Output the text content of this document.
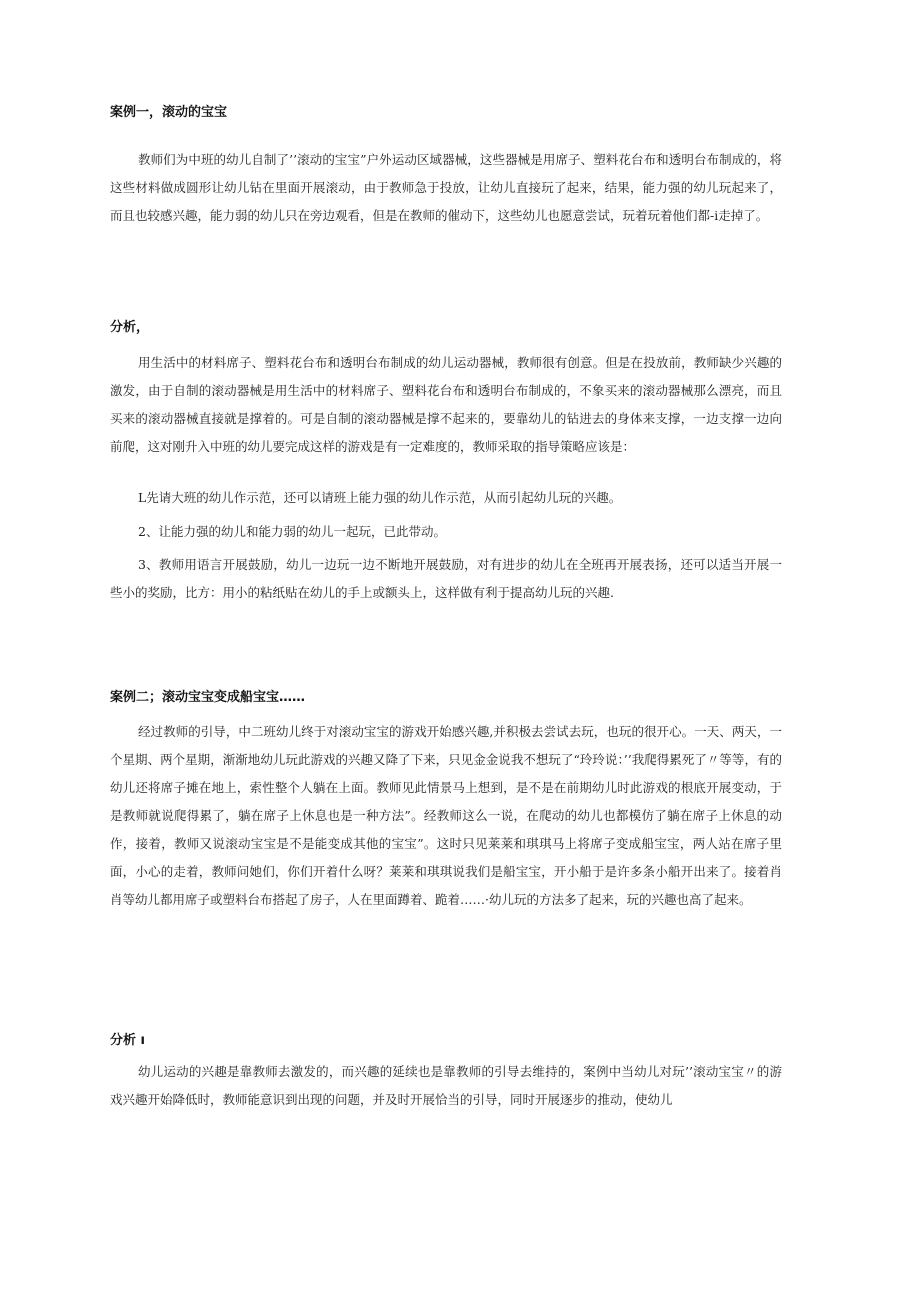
案例一，滚动的宝宝

教师们为中班的幼儿自制了’’滚动的宝宝”户外运动区域器械，这些器械是用席子、塑料花台布和透明台布制成的，将这些材料做成圆形让幼儿钻在里面开展滚动，由于教师急于投放，让幼儿直接玩了起来，结果，能力强的幼儿玩起来了，而且也较感兴趣，能力弱的幼儿只在旁边观看，但是在教师的催动下，这些幼儿也愿意尝试，玩着玩着他们都-i走掉了。

分析，

用生活中的材料席子、塑料花台布和透明台布制成的幼儿运动器械，教师很有创意。但是在投放前，教师缺少兴趣的激发，由于自制的滚动器械是用生活中的材料席子、塑料花台布和透明台布制成的，不象买来的滚动器械那么漂亮，而且买来的滚动器械直接就是撑着的。可是自制的滚动器械是撑不起来的，要靠幼儿的钻进去的身体来支撑，一边支撑一边向前爬，这对刚升入中班的幼儿要完成这样的游戏是有一定难度的，教师采取的指导策略应该是：

L先请大班的幼儿作示范，还可以请班上能力强的幼儿作示范，从而引起幼儿玩的兴趣。

2、让能力强的幼儿和能力弱的幼儿一起玩，已此带动。

3、教师用语言开展鼓励，幼儿一边玩一边不断地开展鼓励，对有进步的幼儿在全班再开展表扬，还可以适当开展一些小的奖励，比方：用小的粘纸贴在幼儿的手上或额头上，这样做有利于提高幼儿玩的兴趣.

案例二；滚动宝宝变成船宝宝……

经过教师的引导，中二班幼儿终于对滚动宝宝的游戏开始感兴趣,并积极去尝试去玩，也玩的很开心。一天、两天，一个星期、两个星期，渐渐地幼儿玩此游戏的兴趣又降了下来，只见金金说我不想玩了“玲玲说：’’我爬得累死了〃等等，有的幼儿还将席子摊在地上，索性整个人躺在上面。教师见此情景马上想到，是不是在前期幼儿时此游戏的根底开展变动，于是教师就说爬得累了，躺在席子上休息也是一种方法”。经教师这么一说，在爬动的幼儿也都模仿了躺在席子上休息的动作，接着，教师又说滚动宝宝是不是能变成其他的宝宝”。这时只见莱莱和琪琪马上将席子变成船宝宝，两人站在席子里面，小心的走着，教师问她们，你们开着什么呀？莱莱和琪琪说我们是船宝宝，开小船于是许多条小船开出来了。接着肖肖等幼儿都用席子或塑料台布搭起了房子，人在里面蹲着、跪着……·幼儿玩的方法多了起来，玩的兴趣也高了起来。

分析 ı

幼儿运动的兴趣是靠教师去激发的，而兴趣的延续也是靠教师的引导去维持的，案例中当幼儿对玩’’滚动宝宝〃的游戏兴趣开始降低时，教师能意识到出现的问题，并及时开展恰当的引导，同时开展逐步的推动，使幼儿
